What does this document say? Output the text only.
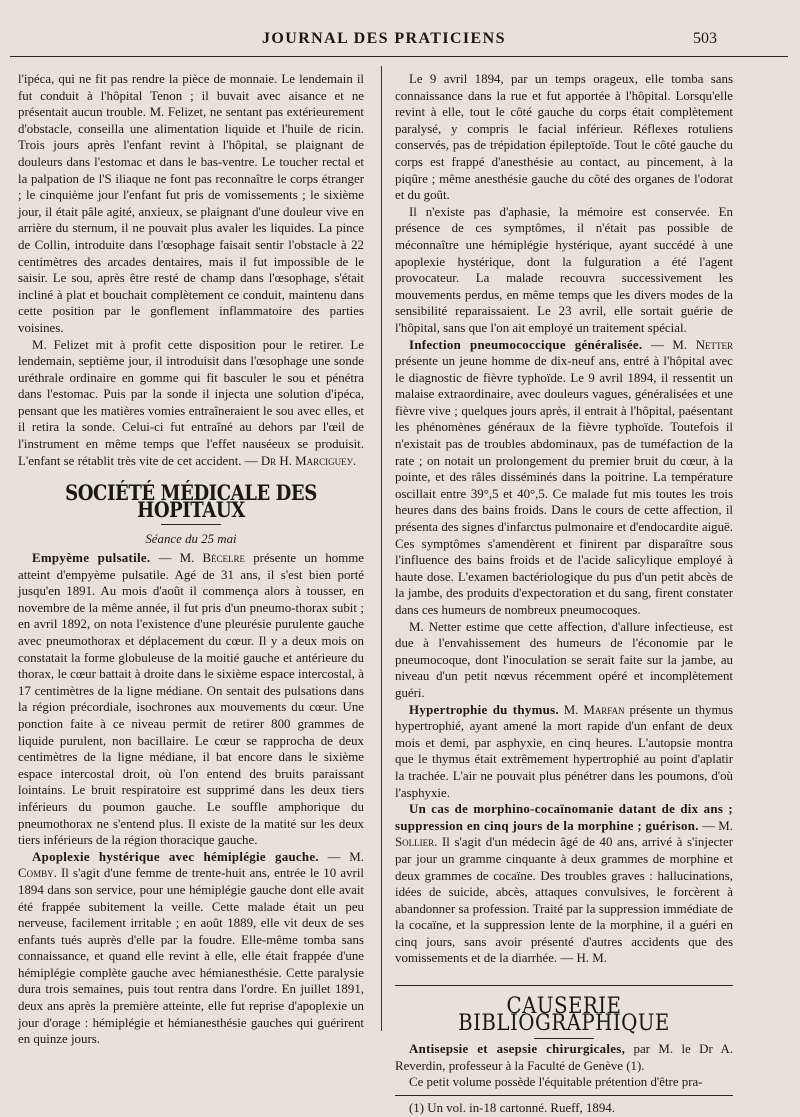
JOURNAL DES PRATICIENS	503

l'ipéca, qui ne fit pas rendre la pièce de monnaie. Le lendemain il fut conduit à l'hôpital Tenon ; il buvait avec aisance et ne présentait aucun trouble. M. Felizet, ne sentant pas extérieurement d'obstacle, conseilla une alimentation liquide et l'huile de ricin. Trois jours après l'enfant revint à l'hôpital, se plaignant de douleurs dans l'estomac et dans le bas-ventre. Le toucher rectal et la palpation de l'S iliaque ne font pas reconnaître le corps étranger ; le cinquième jour l'enfant fut pris de vomissements ; le sixième jour, il était pâle agité, anxieux, se plaignant d'une douleur vive en arrière du sternum, il ne pouvait plus avaler les liquides. La pince de Collin, introduite dans l'œsophage faisait sentir l'obstacle à 22 centimètres des arcades dentaires, mais il fut impossible de le saisir. Le sou, après être resté de champ dans l'œsophage, s'était incliné à plat et bouchait complètement ce conduit, maintenu dans cette position par le gonflement inflammatoire des parties voisines.

M. Felizet mit à profit cette disposition pour le retirer. Le lendemain, septième jour, il introduisit dans l'œsophage une sonde uréthrale ordinaire en gomme qui fit basculer le sou et pénétra dans l'estomac. Puis par la sonde il injecta une solution d'ipéca, pensant que les matières vomies entraîneraient le sou avec elles, et il retira la sonde. Celui-ci fut entraîné au dehors par l'œil de l'instrument en même temps que l'effet nauséeux se produisit. L'enfant se rétablit très vite de cet accident. — Dr H. Marcigueу.

SOCIÉTÉ MÉDICALE DES HOPITAUX

Séance du 25 mai

Empyème pulsatile. — M. Bécelre présente un homme atteint d'empyème pulsatile. Agé de 31 ans, il s'est bien porté jusqu'en 1891. Au mois d'août il commença alors à tousser, en novembre de la même année, il fut pris d'un pneumo-thorax subit ; en avril 1892, on nota l'existence d'une pleurésie purulente gauche avec pneumothorax et déplacement du cœur. Il y a deux mois on constatait la forme globuleuse de la moitié gauche et antérieure du thorax, le cœur battait à droite dans le sixième espace intercostal, à 17 centimètres de la ligne médiane. On sentait des pulsations dans la région précordiale, isochrones aux mouvements du cœur. Une ponction faite à ce niveau permit de retirer 800 grammes de liquide purulent, non bacillaire. Le cœur se rapprocha de deux centimètres de la ligne médiane, il bat encore dans le sixième espace intercostal droit, où l'on entend des bruits paraissant lointains. Le bruit respiratoire est supprimé dans les deux tiers inférieurs du poumon gauche. Le souffle amphorique du pneumothorax ne s'entend plus. Il existe de la matité sur les deux tiers inférieurs de la région thoracique gauche.

Apoplexie hystérique avec hémiplégie gauche. — M. Comby. Il s'agit d'une femme de trente-huit ans, entrée le 10 avril 1894 dans son service, pour une hémiplégie gauche dont elle avait été frappée subitement la veille. Cette malade était un peu nerveuse, facilement irritable ; en août 1889, elle vit deux de ses enfants tués auprès d'elle par la foudre. Elle-même tomba sans connaissance, et quand elle revint à elle, elle était frappée d'une hémiplégie complète gauche avec hémianesthésie. Cette paralysie dura trois semaines, puis tout rentra dans l'ordre. En juillet 1891, deux ans après la première atteinte, elle fut reprise d'apoplexie un jour d'orage : hémiplégie et hémianesthésie gauches qui guérirent en quinze jours.

Le 9 avril 1894, par un temps orageux, elle tomba sans connaissance dans la rue et fut apportée à l'hôpital. Lorsqu'elle revint à elle, tout le côté gauche du corps était complètement paralysé, y compris le facial inférieur. Réflexes rotuliens conservés, pas de trépidation épileptoïde. Tout le côté gauche du corps est frappé d'anesthésie au contact, au pincement, à la piqûre ; même anesthésie gauche du côté des organes de l'odorat et du goût.

Il n'existe pas d'aphasie, la mémoire est conservée. En présence de ces symptômes, il n'était pas possible de méconnaître une hémiplégie hystérique, ayant succédé à une apoplexie hystérique, dont la fulguration a été l'agent provocateur. La malade recouvra successivement les mouvements perdus, en même temps que les divers modes de la sensibilité reparaissaient. Le 23 avril, elle sortait guérie de l'hôpital, sans que l'on ait employé un traitement spécial.

Infection pneumococcique généralisée. — M. Netter présente un jeune homme de dix-neuf ans, entré à l'hôpital avec le diagnostic de fièvre typhoïde. Le 9 avril 1894, il ressentit un malaise extraordinaire, avec douleurs vagues, généralisées et une fièvre vive ; quelques jours après, il entrait à l'hôpital, paésentant les phénomènes généraux de la fièvre typhoïde. Toutefois il n'existait pas de troubles abdominaux, pas de tuméfaction de la rate ; on notait un prolongement du premier bruit du cœur, à la pointe, et des râles disséminés dans la poitrine. La température oscillait entre 39°,5 et 40°,5. Ce malade fut mis toutes les trois heures dans des bains froids. Dans le cours de cette affection, il présenta des signes d'infarctus pulmonaire et d'endocardite aiguë. Ces symptômes s'amendèrent et finirent par disparaître sous l'influence des bains froids et de l'acide salicylique employé à haute dose. L'examen bactériologique du pus d'un petit abcès de la jambe, des produits d'expectoration et du sang, firent constater dans ces humeurs de nombreux pneumocoques.

M. Netter estime que cette affection, d'allure infectieuse, est due à l'envahissement des humeurs de l'économie par le pneumocoque, dont l'inoculation se serait faite sur la jambe, au niveau d'un petit nœvus récemment opéré et incomplètement guéri.

Hypertrophie du thymus. M. Marfan présente un thymus hypertrophié, ayant amené la mort rapide d'un enfant de deux mois et demi, par asphyxie, en cinq heures. L'autopsie montra que le thymus était extrêmement hypertrophié au point d'aplatir la trachée. L'air ne pouvait plus pénétrer dans les poumons, d'où l'asphyxie.

Un cas de morphino-cocaïnomanie datant de dix ans ; suppression en cinq jours de la morphine ; guérison. — M. Sollier. Il s'agit d'un médecin âgé de 40 ans, arrivé à s'injecter par jour un gramme cinquante à deux grammes de morphine et deux grammes de cocaïne. Des troubles graves : hallucinations, idées de suicide, abcès, attaques convulsives, le forcèrent à abandonner sa profession. Traité par la suppression immédiate de la cocaïne, et la suppression lente de la morphine, il a guéri en cinq jours, sans avoir présenté d'autres accidents que des vomissements et de la diarrhée. — H. M.

CAUSERIE BIBLIOGRAPHIQUE

Antisepsie et asepsie chirurgicales, par M. le Dr A. Reverdin, professeur à la Faculté de Genève (1).

Ce petit volume possède l'équitable prétention d'être pra-

(1) Un vol. in-18 cartonné. Rueff, 1894.
